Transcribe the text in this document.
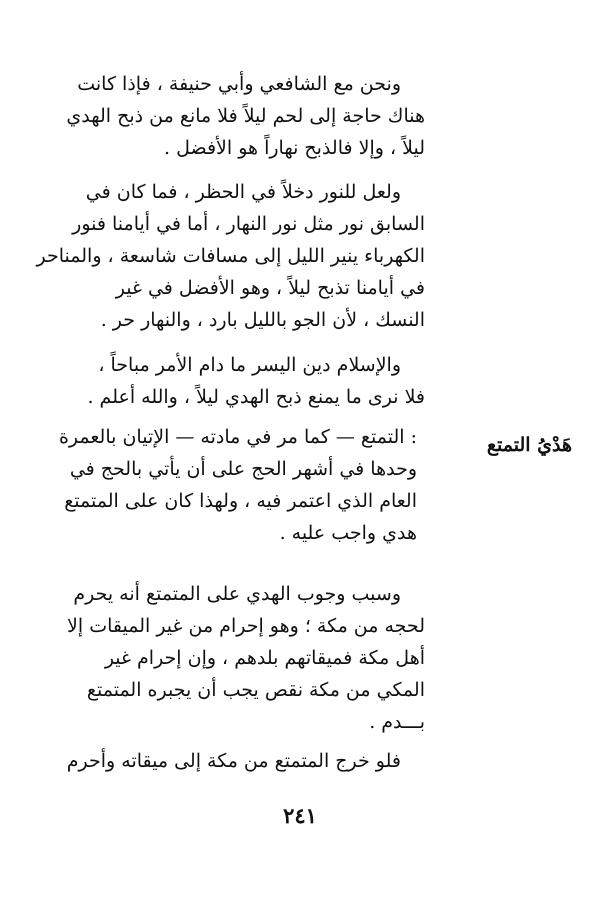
هَدْيُ التمتع
ونحن مع الشافعي وأبي حنيفة ، فإذا كانت
هناك حاجة إلى لحم ليلاً فلا مانع من ذبح الهدي
ليلاً ، وإلا فالذبح نهاراً هو الأفضل .
ولعل للنور دخلاً في الحظر ، فما كان في
السابق نور مثل نور النهار ، أما في أيامنا فنور
الكهرباء ينير الليل إلى مسافات شاسعة ، والمناحر
في أيامنا تذبح ليلاً ، وهو الأفضل في غير
النسك ، لأن الجو بالليل بارد ، والنهار حر .
والإسلام دين اليسر ما دام الأمر مباحاً ،
فلا نرى ما يمنع ذبح الهدي ليلاً ، والله أعلم .
: التمتع — كما مر في مادته — الإتيان بالعمرة
وحدها في أشهر الحج على أن يأتي بالحج في
العام الذي اعتمر فيه ، ولهذا كان على المتمتع
هدي واجب عليه .
وسبب وجوب الهدي على المتمتع أنه يحرم
لحجه من مكة ؛ وهو إحرام من غير الميقات إلا
أهل مكة فميقاتهم بلدهم ، وإن إحرام غير
المكي من مكة نقص يجب أن يجبره المتمتع
بـــدم .
فلو خرج المتمتع من مكة إلى ميقاته وأحرم
٢٤١
